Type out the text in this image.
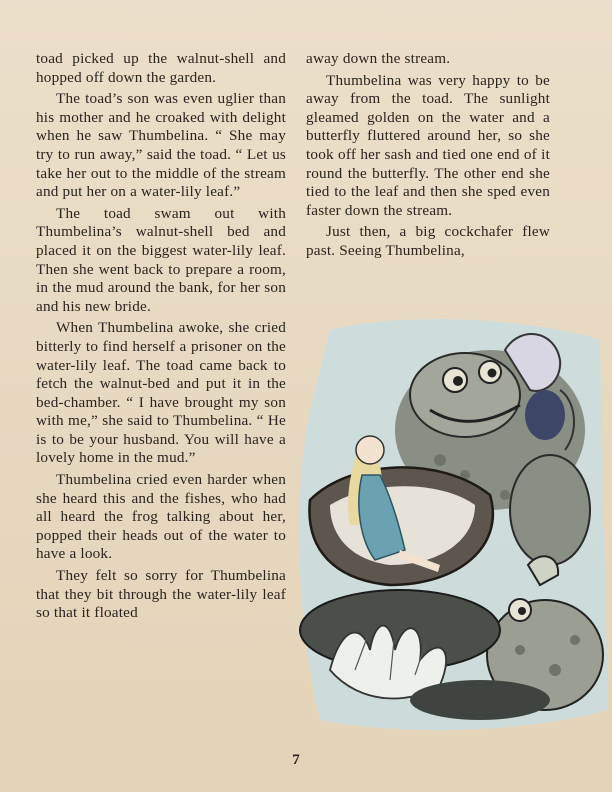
toad picked up the walnut-shell and hopped off down the garden.

The toad’s son was even uglier than his mother and he croaked with delight when he saw Thumbelina. “ She may try to run away,” said the toad. “ Let us take her out to the middle of the stream and put her on a water-lily leaf.”

The toad swam out with Thumbelina’s walnut-shell bed and placed it on the biggest water-lily leaf. Then she went back to prepare a room, in the mud around the bank, for her son and his new bride.

When Thumbelina awoke, she cried bitterly to find herself a prisoner on the water-lily leaf. The toad came back to fetch the walnut-bed and put it in the bed-chamber. “ I have brought my son with me,” she said to Thumbelina. “ He is to be your husband. You will have a lovely home in the mud.”

Thumbelina cried even harder when she heard this and the fishes, who had all heard the frog talking about her, popped their heads out of the water to have a look.

They felt so sorry for Thumbelina that they bit through the water-lily leaf so that it floated

away down the stream.

Thumbelina was very happy to be away from the toad. The sunlight gleamed golden on the water and a butterfly fluttered around her, so she took off her sash and tied one end of it round the butterfly. The other end she tied to the leaf and then she sped even faster down the stream.

Just then, a big cockchafer flew past. Seeing Thumbelina,

7
